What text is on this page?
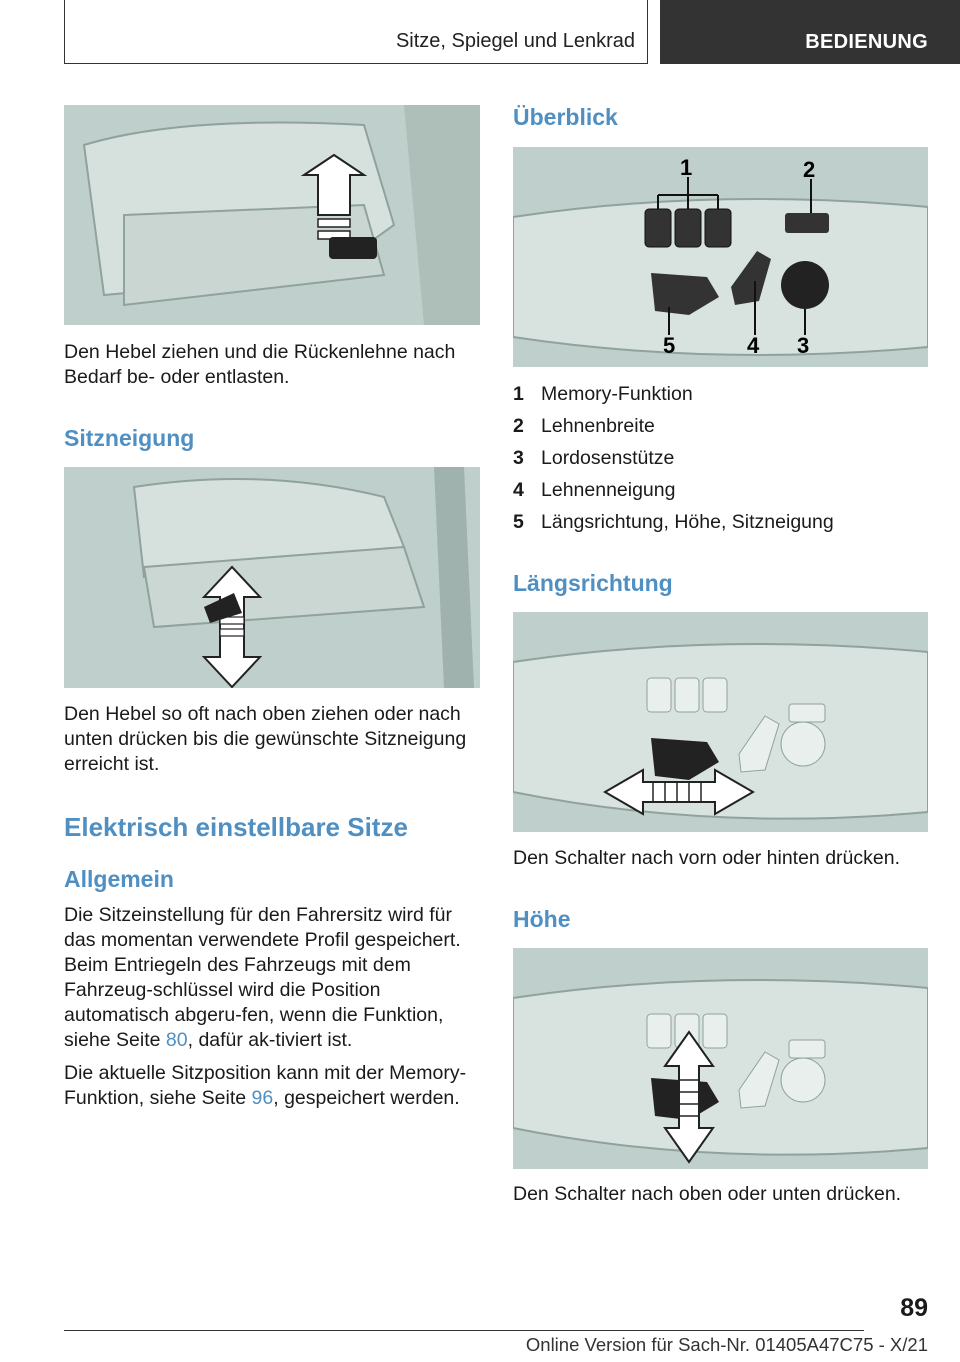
Sitze, Spiegel und Lenkrad	BEDIENUNG
Den Hebel ziehen und die Rückenlehne nach Bedarf be- oder entlasten.
Sitzneigung
Den Hebel so oft nach oben ziehen oder nach unten drücken bis die gewünschte Sitzneigung erreicht ist.
Elektrisch einstellbare Sitze
Allgemein

Die Sitzeinstellung für den Fahrersitz wird für das momentan verwendete Profil gespeichert. Beim Entriegeln des Fahrzeugs mit dem Fahrzeug-schlüssel wird die Position automatisch abgeru-fen, wenn die Funktion, siehe Seite 80, dafür ak-tiviert ist.

Die aktuelle Sitzposition kann mit der Memory-Funktion, siehe Seite 96, gespeichert werden.

Überblick
1	2
3
4
5
1 Memory-Funktion
2 Lehnenbreite
3 Lordosenstütze
4 Lehnenneigung
5 Längsrichtung, Höhe, Sitzneigung
Längsrichtung
Den Schalter nach vorn oder hinten drücken.
Höhe
Den Schalter nach oben oder unten drücken.
89
Online Version für Sach-Nr. 01405A47C75 - X/21
